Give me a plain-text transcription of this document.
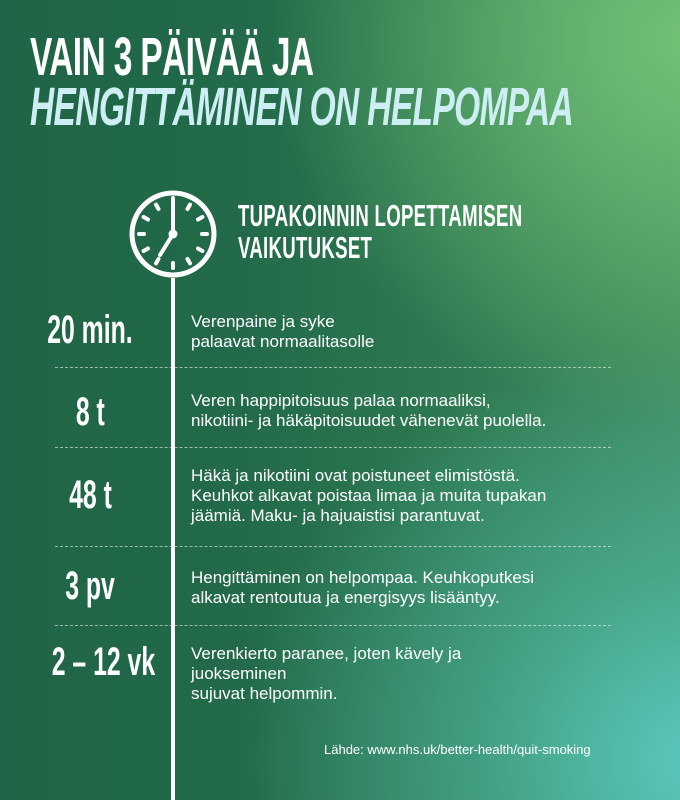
VAIN 3 PÄIVÄÄ JA
HENGITTÄMINEN ON HELPOMPAA
TUPAKOINNIN LOPETTAMISEN
VAIKUTUKSET
20 min.	Verenpaine ja syke
palaavat normaalitasolle
8 t	Veren happipitoisuus palaa normaaliksi,
nikotiini- ja häkäpitoisuudet vähenevät puolella.
48 t	Häkä ja nikotiini ovat poistuneet elimistöstä.
Keuhkot alkavat poistaa limaa ja muita tupakan
jäämiä. Maku- ja hajuaistisi parantuvat.
3 pv	Hengittäminen on helpompaa. Keuhkoputkesi
alkavat rentoutua ja energisyys lisääntyy.
2 – 12 vk Verenkierto paranee, joten kävely ja
juokseminen
sujuvat helpommin.
Lähde: www.nhs.uk/better-health/quit-smoking
